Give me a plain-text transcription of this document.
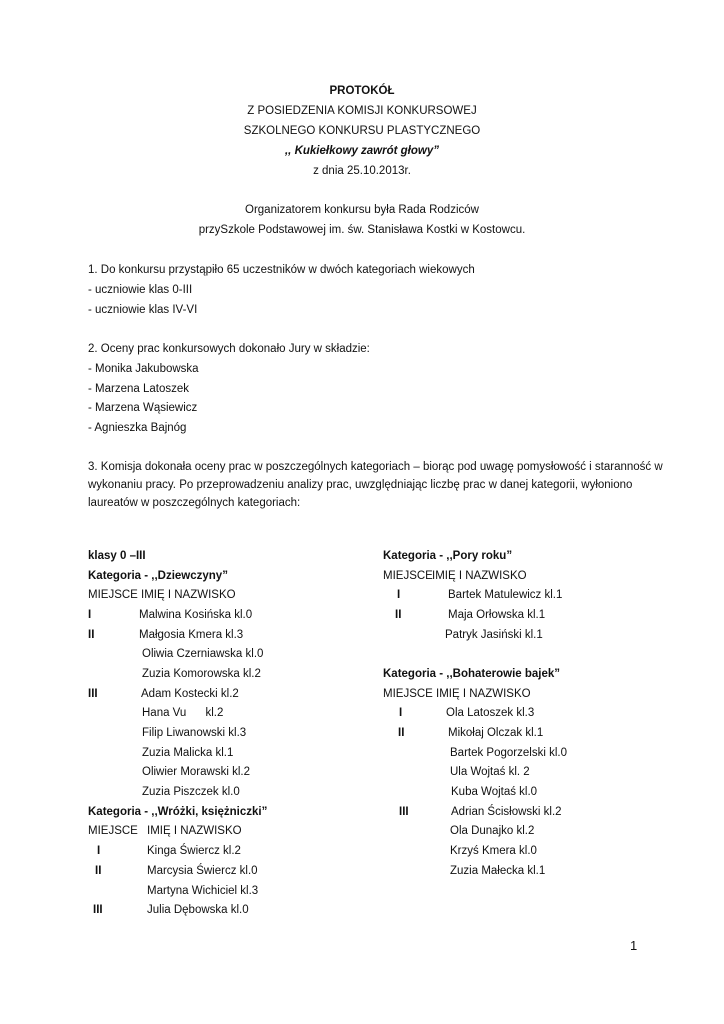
PROTOKÓŁ
Z POSIEDZENIA KOMISJI KONKURSOWEJ
SZKOLNEGO KONKURSU PLASTYCZNEGO
,, Kukiełkowy zawrót głowy”
z dnia 25.10.2013r.
Organizatorem konkursu była Rada Rodziców
przySzkole Podstawowej im. św. Stanisława Kostki w Kostowcu.
1. Do konkursu przystąpiło 65 uczestników w dwóch kategoriach wiekowych
- uczniowie klas 0-III
- uczniowie klas IV-VI
2. Oceny prac konkursowych dokonało Jury w składzie:
- Monika Jakubowska
- Marzena Latoszek
- Marzena Wąsiewicz
- Agnieszka Bajnóg
3. Komisja dokonała oceny prac w poszczególnych kategoriach – biorąc pod uwagę pomysłowość i staranność w
wykonaniu pracy. Po przeprowadzeniu analizy prac, uwzględniając liczbę prac w danej kategorii, wyłoniono
laureatów w poszczególnych kategoriach:
klasy 0 –III
Kategoria - ,,Dziewczyny”
MIEJSCE IMIĘ I NAZWISKO
I	Malwina Kosińska kl.0
II	Małgosia Kmera kl.3
Oliwia Czerniawska kl.0
Zuzia Komorowska kl.2
III	Adam Kostecki kl.2
Hana Vu      kl.2
Filip Liwanowski kl.3
Zuzia Malicka kl.1
Oliwier Morawski kl.2
Zuzia Piszczek kl.0
Kategoria - ,,Wróżki, księżniczki”
MIEJSCE IMIĘ I NAZWISKO
I	Kinga Świercz kl.2
II	Marcysia Świercz kl.0
Martyna Wichiciel kl.3
III	Julia Dębowska kl.0
Kategoria - ,,Pory roku”
MIEJSCE IMIĘ I NAZWISKO
I	Bartek Matulewicz kl.1
II	Maja Orłowska kl.1
Patryk Jasiński kl.1
Kategoria - ,,Bohaterowie bajek”
MIEJSCE IMIĘ I NAZWISKO
I	Ola Latoszek kl.3
II	Mikołaj Olczak kl.1
Bartek Pogorzelski kl.0
Ula Wojtaś kl. 2
Kuba Wojtaś kl.0
III	Adrian Ścisłowski kl.2
Ola Dunajko kl.2
Krzyś Kmera kl.0
Zuzia Małecka kl.1
1
